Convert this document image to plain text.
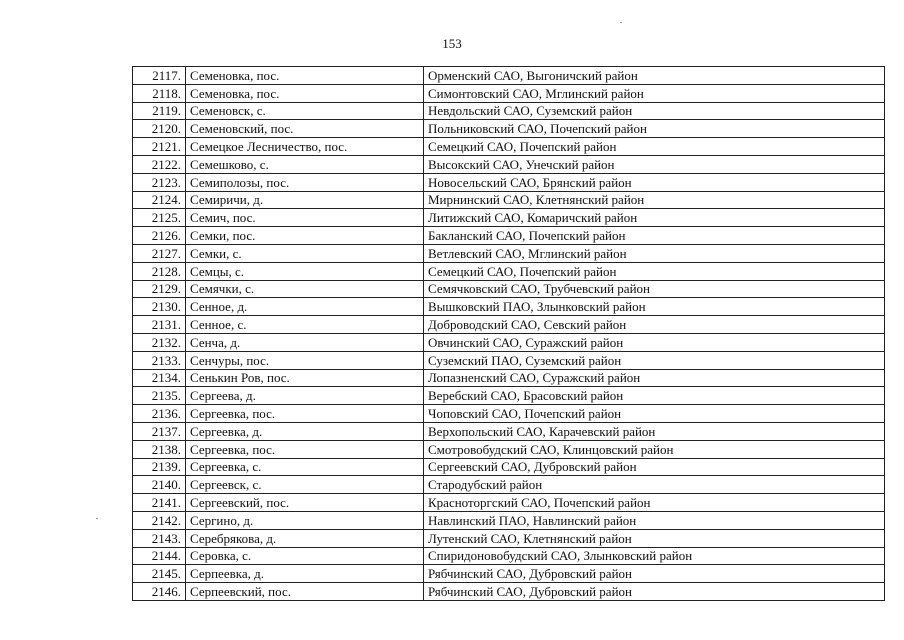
153
2117.	Семеновка, пос.	Орменский САО, Выгоничский район
2118.	Семеновка, пос.	Симонтовский САО, Мглинский район
2119.	Семеновск, с.	Невдольский САО, Суземский район
2120.	Семеновский, пос.	Польниковский САО, Почепский район
2121.	Семецкое Лесничество, пос.	Семецкий САО, Почепский район
2122.	Семешково, с.	Высокский САО, Унечский район
2123.	Семиполозы, пос.	Новосельский САО, Брянский район
2124.	Семиричи, д.	Мирнинский САО, Клетнянский район
2125.	Семич, пос.	Литижский САО, Комаричский район
2126.	Семки, пос.	Бакланский САО, Почепский район
2127.	Семки, с.	Ветлевский САО, Мглинский район
2128.	Семцы, с.	Семецкий САО, Почепский район
2129.	Семячки, с.	Семячковский САО, Трубчевский район
2130.	Сенное, д.	Вышковский ПАО, Злынковский район
2131.	Сенное, с.	Доброводский САО, Севский район
2132.	Сенча, д.	Овчинский САО, Суражский район
2133.	Сенчуры, пос.	Суземский ПАО, Суземский район
2134.	Сенькин Ров, пос.	Лопазненский САО, Суражский район
2135.	Сергеева, д.	Веребский САО, Брасовский район
2136.	Сергеевка, пос.	Чоповский САО, Почепский район
2137.	Сергеевка, д.	Верхопольский САО, Карачевский район
2138.	Сергеевка, пос.	Смотровобудский САО, Клинцовский район
2139.	Сергеевка, с.	Сергеевский САО, Дубровский район
2140.	Сергеевск, с.	Стародубский район
2141.	Сергеевский, пос.	Красноторгский САО, Почепский район
2142.	Сергино, д.	Навлинский ПАО, Навлинский район
2143.	Серебрякова, д.	Лутенский САО, Клетнянский район
2144.	Серовка, с.	Спиридоновобудский САО, Злынковский район
2145.	Серпеевка, д.	Рябчинский САО, Дубровский район
2146.	Серпеевский, пос.	Рябчинский САО, Дубровский район
